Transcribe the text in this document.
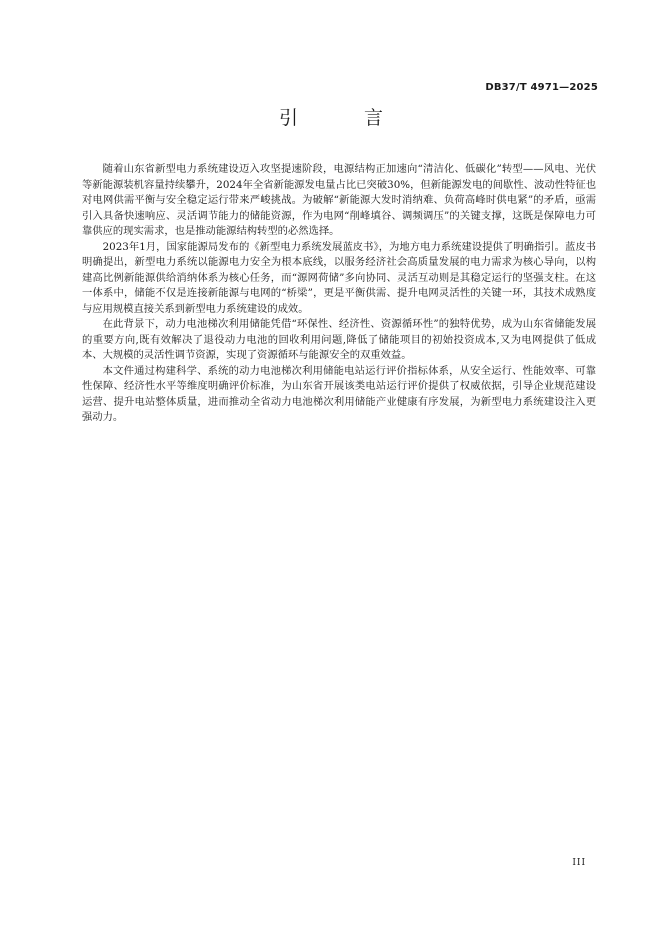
DB37/T 4971—2025
引 言

随着山东省新型电力系统建设迈入攻坚提速阶段，电源结构正加速向“清洁化、低碳化”转型——风电、光伏等新能源装机容量持续攀升，2024年全省新能源发电量占比已突破30%，但新能源发电的间歇性、波动性特征也对电网供需平衡与安全稳定运行带来严峻挑战。为破解“新能源大发时消纳难、负荷高峰时供电紧”的矛盾，亟需引入具备快速响应、灵活调节能力的储能资源，作为电网“削峰填谷、调频调压”的关键支撑，这既是保障电力可靠供应的现实需求，也是推动能源结构转型的必然选择。

2023年1月，国家能源局发布的《新型电力系统发展蓝皮书》，为地方电力系统建设提供了明确指引。蓝皮书明确提出，新型电力系统以能源电力安全为根本底线，以服务经济社会高质量发展的电力需求为核心导向，以构建高比例新能源供给消纳体系为核心任务，而“源网荷储”多向协同、灵活互动则是其稳定运行的坚强支柱。在这一体系中，储能不仅是连接新能源与电网的“桥梁”，更是平衡供需、提升电网灵活性的关键一环，其技术成熟度与应用规模直接关系到新型电力系统建设的成效。

在此背景下，动力电池梯次利用储能凭借“环保性、经济性、资源循环性”的独特优势，成为山东省储能发展的重要方向,既有效解决了退役动力电池的回收利用问题,降低了储能项目的初始投资成本,又为电网提供了低成本、大规模的灵活性调节资源，实现了资源循环与能源安全的双重效益。

本文件通过构建科学、系统的动力电池梯次利用储能电站运行评价指标体系，从安全运行、性能效率、可靠性保障、经济性水平等维度明确评价标准，为山东省开展该类电站运行评价提供了权威依据，引导企业规范建设运营、提升电站整体质量，进而推动全省动力电池梯次利用储能产业健康有序发展，为新型电力系统建设注入更强动力。

III
